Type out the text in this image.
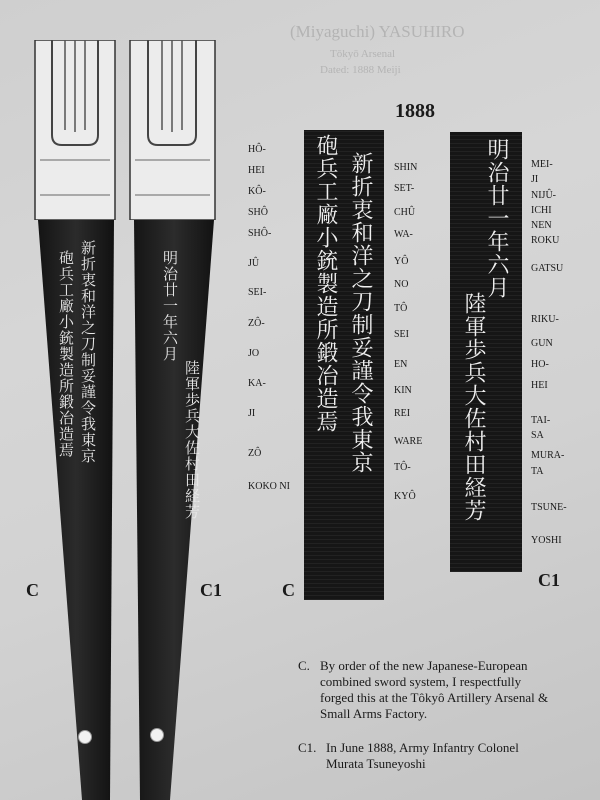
(Miyaguchi) YASUHIRO
Tōkyō Arsenal
Dated: 1888 Meiji
1888
新折衷和洋之刀制妥謹令我東京
砲兵工廠小銃製造所鍛冶造焉
C
明治廿一年六月
陸軍歩兵大佐村田経芳
C1
HÔ-
HEI
KÔ-
SHÔ
SHÔ-
JÛ
SEI-
ZÔ-
JO
KA-
JI
ZÔ
KOKO NI
新折衷和洋之刀制妥謹令我東京
砲兵工廠小銃製造所鍛冶造焉
C
SHIN
SET-
CHÛ
WA-
YÔ
NO
TÔ
SEI
EN
KIN
REI
WARE
TÔ-
KYÔ
明治廿一年六月
陸軍歩兵大佐村田経芳
C1
MEI-
JI
NIJÛ-
ICHI
NEN
ROKU
GATSU
RIKU-
GUN
HO-
HEI
TAI-
SA
MURA-
TA
TSUNE-
YOSHI
C. By order of the new Japanese-European combined sword system, I respectfully forged this at the Tôkyô Artillery Arsenal & Small Arms Factory.
C1. In June 1888, Army Infantry Colonel Murata Tsuneyoshi
